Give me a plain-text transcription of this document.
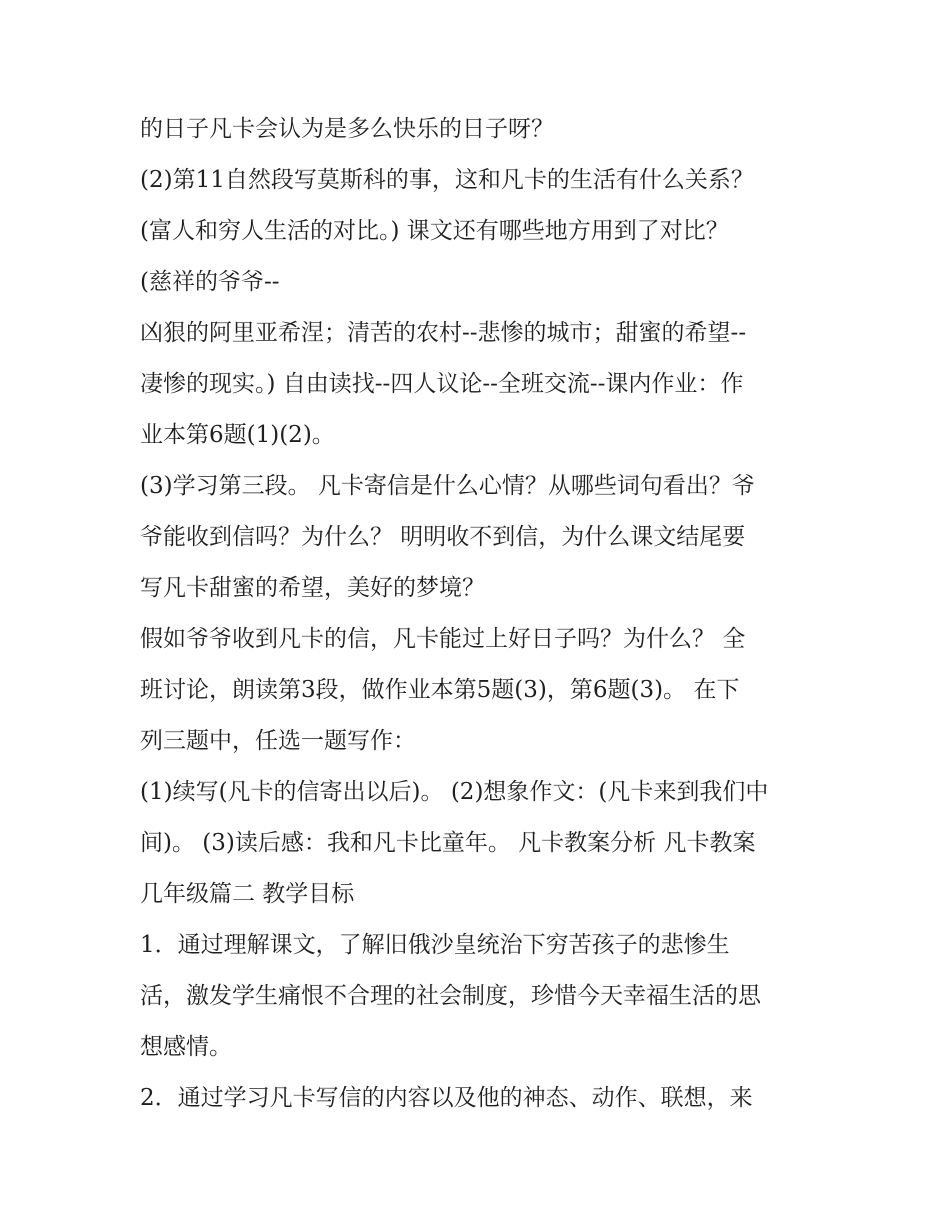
的日子凡卡会认为是多么快乐的日子呀？
(2)第11自然段写莫斯科的事，这和凡卡的生活有什么关系？
(富人和穷人生活的对比。) 课文还有哪些地方用到了对比？
(慈祥的爷爷--
凶狠的阿里亚希涅；清苦的农村--悲惨的城市；甜蜜的希望--
凄惨的现实。) 自由读找--四人议论--全班交流--课内作业：作
业本第6题(1)(2)。
(3)学习第三段。 凡卡寄信是什么心情？从哪些词句看出？爷
爷能收到信吗？为什么？ 明明收不到信，为什么课文结尾要
写凡卡甜蜜的希望，美好的梦境？
假如爷爷收到凡卡的信，凡卡能过上好日子吗？为什么？ 全
班讨论，朗读第3段，做作业本第5题(3)，第6题(3)。 在下
列三题中，任选一题写作：
(1)续写(凡卡的信寄出以后)。 (2)想象作文：(凡卡来到我们中
间)。 (3)读后感：我和凡卡比童年。 凡卡教案分析 凡卡教案
几年级篇二 教学目标
1．通过理解课文，了解旧俄沙皇统治下穷苦孩子的悲惨生
活，激发学生痛恨不合理的社会制度，珍惜今天幸福生活的思
想感情。
2．通过学习凡卡写信的内容以及他的神态、动作、联想，来
